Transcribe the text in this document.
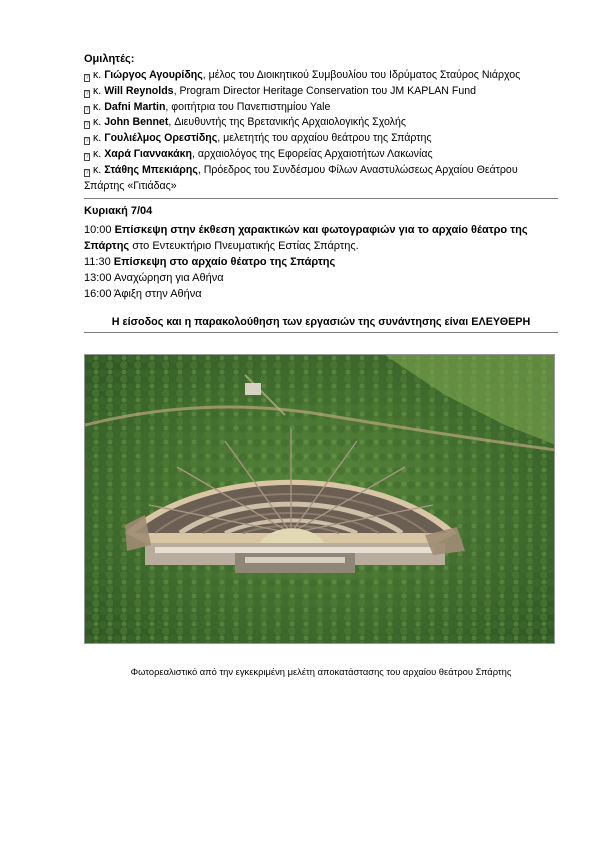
Ομιλητές:

? κ. Γιώργος Αγουρίδης, μέλος του Διοικητικού Συμβουλίου του Ιδρύματος Σταύρος Νιάρχος
? κ. Will Reynolds, Program Director Heritage Conservation του JM KAPLAN Fund
? κ. Dafni Martin, φοιτήτρια του Πανεπιστημίου Yale
? κ. John Bennet, Διευθυντής της Βρετανικής Αρχαιολογικής Σχολής
? κ. Γουλιέλμος Ορεστίδης, μελετητής του αρχαίου θεάτρου της Σπάρτης
? κ. Χαρά Γιαννακάκη, αρχαιολόγος της Εφορείας Αρχαιοτήτων Λακωνίας
? κ. Στάθης Μπεκιάρης, Πρόεδρος του Συνδέσμου Φίλων Αναστυλώσεως Αρχαίου Θεάτρου Σπάρτης «Γιτιάδας»

Κυριακή 7/04

10:00 Επίσκεψη στην έκθεση χαρακτικών και φωτογραφιών για το αρχαίο θέατρο της Σπάρτης στο Εντευκτήριο Πνευματικής Εστίας Σπάρτης.

11:30 Επίσκεψη στο αρχαίο θέατρο της Σπάρτης

13:00 Αναχώρηση για Αθήνα

16:00 Άφιξη στην Αθήνα

Η είσοδος και η παρακολούθηση των εργασιών της συνάντησης είναι ΕΛΕΥΘΕΡΗ

Φωτορεαλιστικό από την εγκεκριμένη μελέτη αποκατάστασης του αρχαίου θεάτρου Σπάρτης
